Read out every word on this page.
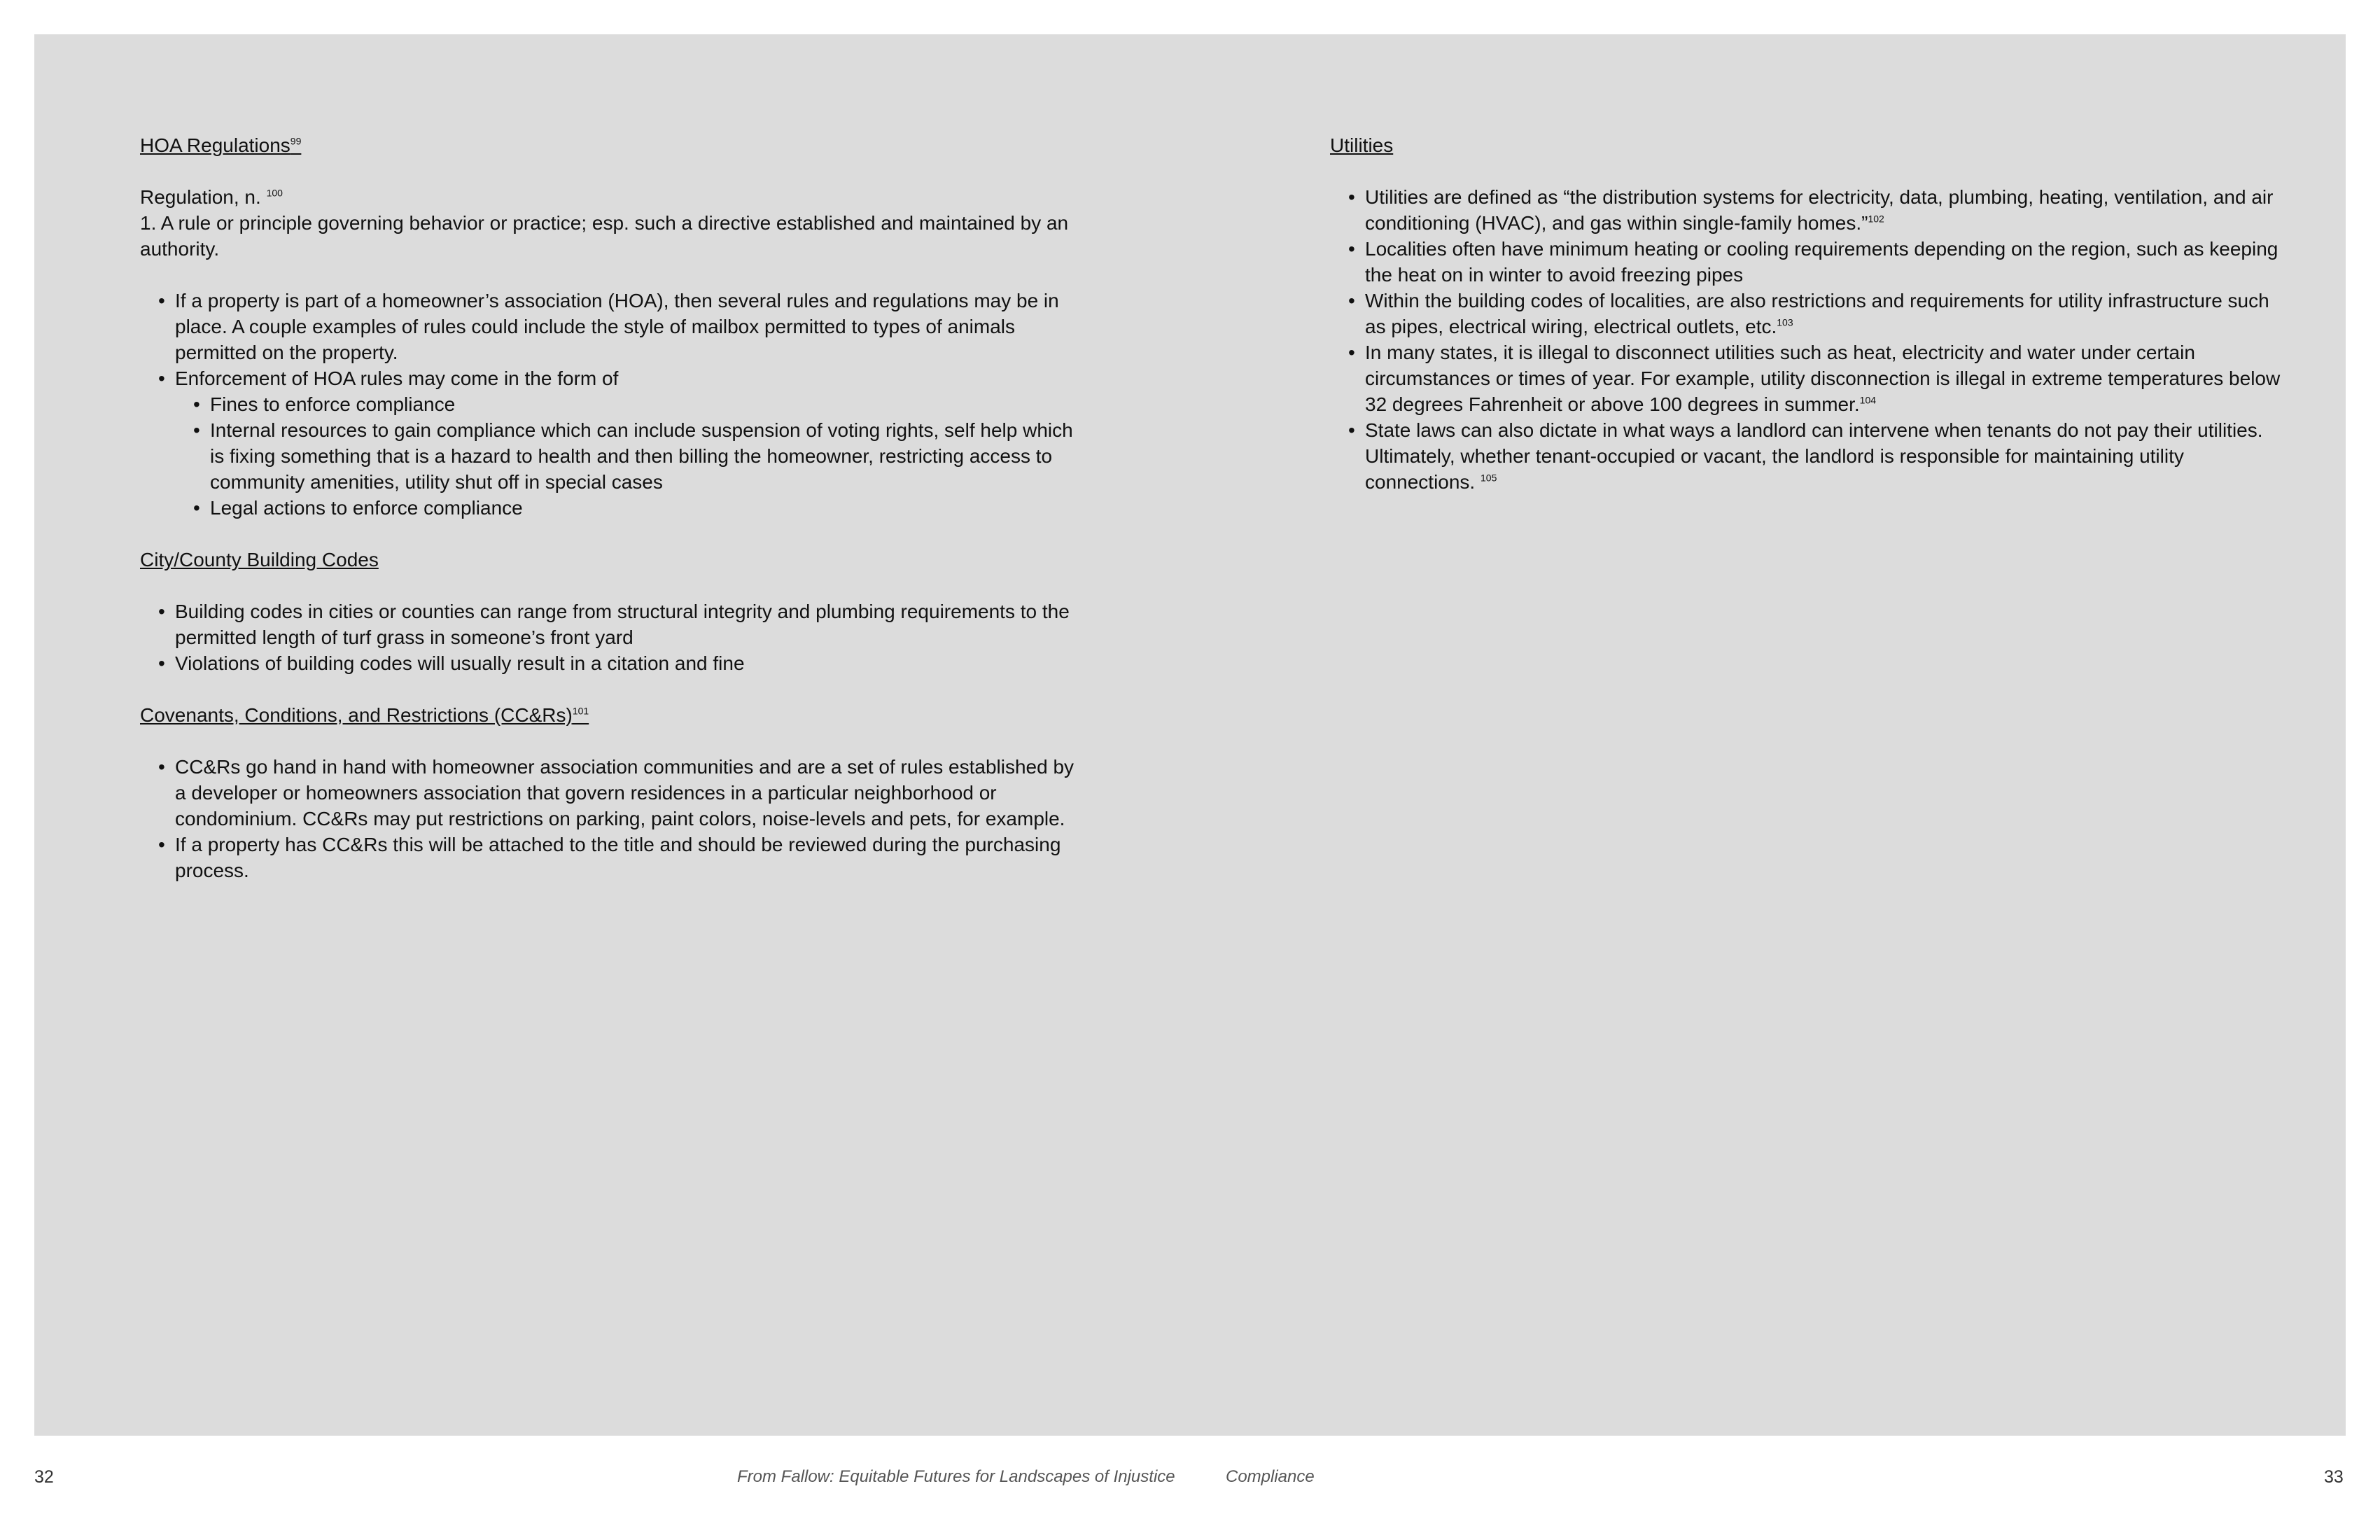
HOA Regulations$^{99}$

Regulation, n. $^{100}$

1. A rule or principle governing behavior or practice; esp. such a directive established and maintained by an authority.

• If a property is part of a homeowner’s association (HOA), then several rules and regulations may be in place. A couple examples of rules could include the style of mailbox permitted to types of animals permitted on the property.
• Enforcement of HOA rules may come in the form of
• Fines to enforce compliance
• Internal resources to gain compliance which can include suspension of voting rights, self help which is fixing something that is a hazard to health and then billing the homeowner, restricting access to community amenities, utility shut off in special cases
• Legal actions to enforce compliance
City/County Building Codes
• Building codes in cities or counties can range from structural integrity and plumbing requirements to the permitted length of turf grass in someone’s front yard
• Violations of building codes will usually result in a citation and fine
Covenants, Conditions, and Restrictions (CC&Rs)$^{101}$
• CC&Rs go hand in hand with homeowner association communities and are a set of rules established by a developer or homeowners association that govern residences in a particular neighborhood or condominium. CC&Rs may put restrictions on parking, paint colors, noise-levels and pets, for example.
• If a property has CC&Rs this will be attached to the title and should be reviewed during the purchasing process.
Utilities
• Utilities are defined as “the distribution systems for electricity, data, plumbing, heating, ventilation, and air conditioning (HVAC), and gas within single-family homes.”$^{102}$
• Localities often have minimum heating or cooling requirements depending on the region, such as keeping the heat on in winter to avoid freezing pipes
• Within the building codes of localities, are also restrictions and requirements for utility infrastructure such as pipes, electrical wiring, electrical outlets, etc.$^{103}$
• In many states, it is illegal to disconnect utilities such as heat, electricity and water under certain circumstances or times of year. For example, utility disconnection is illegal in extreme temperatures below 32 degrees Fahrenheit or above 100 degrees in summer.$^{104}$
• State laws can also dictate in what ways a landlord can intervene when tenants do not pay their utilities. Ultimately, whether tenant-occupied or vacant, the landlord is responsible for maintaining utility connections. $^{105}$
32	From Fallow: Equitable Futures for Landscapes of Injustice	Compliance	33
